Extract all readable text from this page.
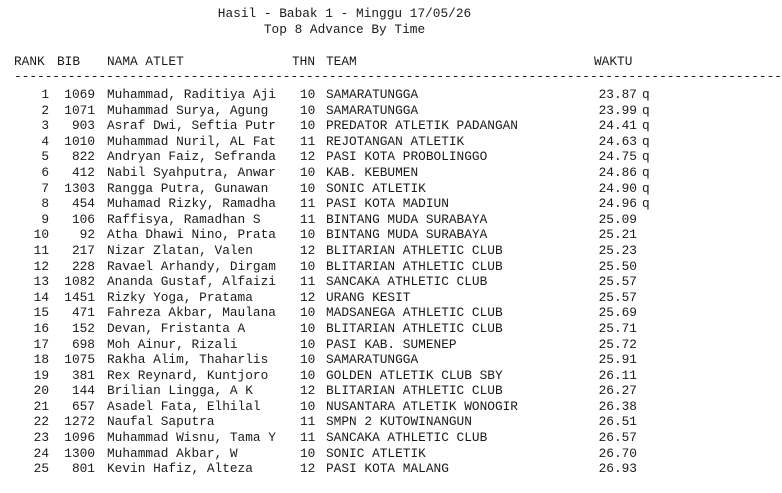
Hasil - Babak 1 - Minggu 17/05/26
Top 8 Advance By Time
RANK BIB NAMA ATLET	THN TEAM	WAKTU
----------------------------------------------------------------------------------------------------
1	1069 Muhammad, Raditiya Aji	10 SAMARATUNGGA	23.87 q
2	1071 Muhammad Surya, Agung	10 SAMARATUNGGA	23.99 q
3	903 Asraf Dwi, Seftia Putr	10 PREDATOR ATLETIK PADANGAN	24.41 q
4	1010 Muhammad Nuril, AL Fat	11 REJOTANGAN ATLETIK	24.63 q
5	822 Andryan Faiz, Sefranda	12 PASI KOTA PROBOLINGGO	24.75 q
6	412 Nabil Syahputra, Anwar	10 KAB. KEBUMEN	24.86 q
7	1303 Rangga Putra, Gunawan	10 SONIC ATLETIK	24.90 q
8	454 Muhamad Rizky, Ramadha	11 PASI KOTA MADIUN	24.96 q
9	106 Raffisya, Ramadhan S	11 BINTANG MUDA SURABAYA	25.09
10	92 Atha Dhawi Nino, Prata	10 BINTANG MUDA SURABAYA	25.21
11	217 Nizar Zlatan, Valen	12 BLITARIAN ATHLETIC CLUB	25.23
12	228 Ravael Arhandy, Dirgam	10 BLITARIAN ATHLETIC CLUB	25.50
13	1082 Ananda Gustaf, Alfaizi	11 SANCAKA ATHLETIC CLUB	25.57
14	1451 Rizky Yoga, Pratama	12 URANG KESIT	25.57
15	471 Fahreza Akbar, Maulana	10 MADSANEGA ATHLETIC CLUB	25.69
16	152 Devan, Fristanta A	10 BLITARIAN ATHLETIC CLUB	25.71
17	698 Moh Ainur, Rizali	10 PASI KAB. SUMENEP	25.72
18	1075 Rakha Alim, Thaharlis	10 SAMARATUNGGA	25.91
19	381 Rex Reynard, Kuntjoro	10 GOLDEN ATLETIK CLUB SBY	26.11
20	144 Brilian Lingga, A K	12 BLITARIAN ATHLETIC CLUB	26.27
21	657 Asadel Fata, Elhilal	10 NUSANTARA ATLETIK WONOGIR	26.38
22	1272 Naufal Saputra	11 SMPN 2 KUTOWINANGUN	26.51
23	1096 Muhammad Wisnu, Tama Y	11 SANCAKA ATHLETIC CLUB	26.57
24	1300 Muhammad Akbar, W	10 SONIC ATLETIK	26.70
25	801 Kevin Hafiz, Alteza	12 PASI KOTA MALANG	26.93
